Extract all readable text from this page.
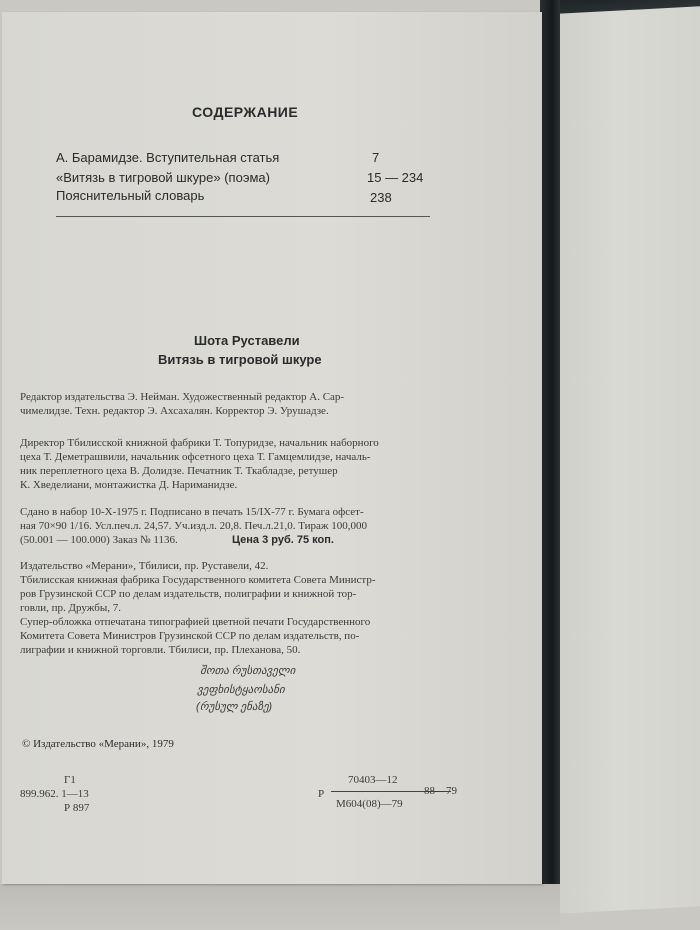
СОДЕРЖАНИЕ
А. Барамидзе. Вступительная статья	7
«Витязь в тигровой шкуре» (поэма)	15 — 234
Пояснительный словарь	238
Шота Руставели
Витязь в тигровой шкуре
Редактор издательства Э. Нейман. Художественный редактор А. Сар-
чимелидзе. Техн. редактор Э. Ахсахалян. Корректор Э. Урушадзе.
Директор Тбилисской книжной фабрики Т. Топуридзе, начальник наборного
цеха Т. Деметрашвили, начальник офсетного цеха Т. Гамцемлидзе, началь-
ник переплетного цеха В. Долидзе. Печатник Т. Ткабладзе, ретушер
К. Хведелиани, монтажистка Д. Нариманидзе.
Сдано в набор 10-X-1975 г. Подписано в печать 15/IX-77 г. Бумага офсет-
ная 70×90 1/16. Усл.печ.л. 24,57. Уч.изд.л. 20,8. Печ.л.21,0. Тираж 100,000
(50.001 — 100.000) Заказ № 1136.	Цена 3 руб. 75 коп.
Издательство «Мерани», Тбилиси, пр. Руставели, 42.
Тбилисская книжная фабрика Государственного комитета Совета Министр-
ров Грузинской ССР по делам издательств, полиграфии и книжной тор-
говли, пр. Дружбы, 7.
Супер-обложка отпечатана типографией цветной печати Государственного
Комитета Совета Министров Грузинской ССР по делам издательств, по-
лиграфии и книжной торговли. Тбилиси, пр. Плеханова, 50.
შოთა რუსთაველი
ვეფხისტყაოსანი
(რუსულ ენაზე)
© Издательство «Мерани», 1979
Г1
899.962. 1—13
Р 897
70403—12
Р	88—79
М604(08)—79
